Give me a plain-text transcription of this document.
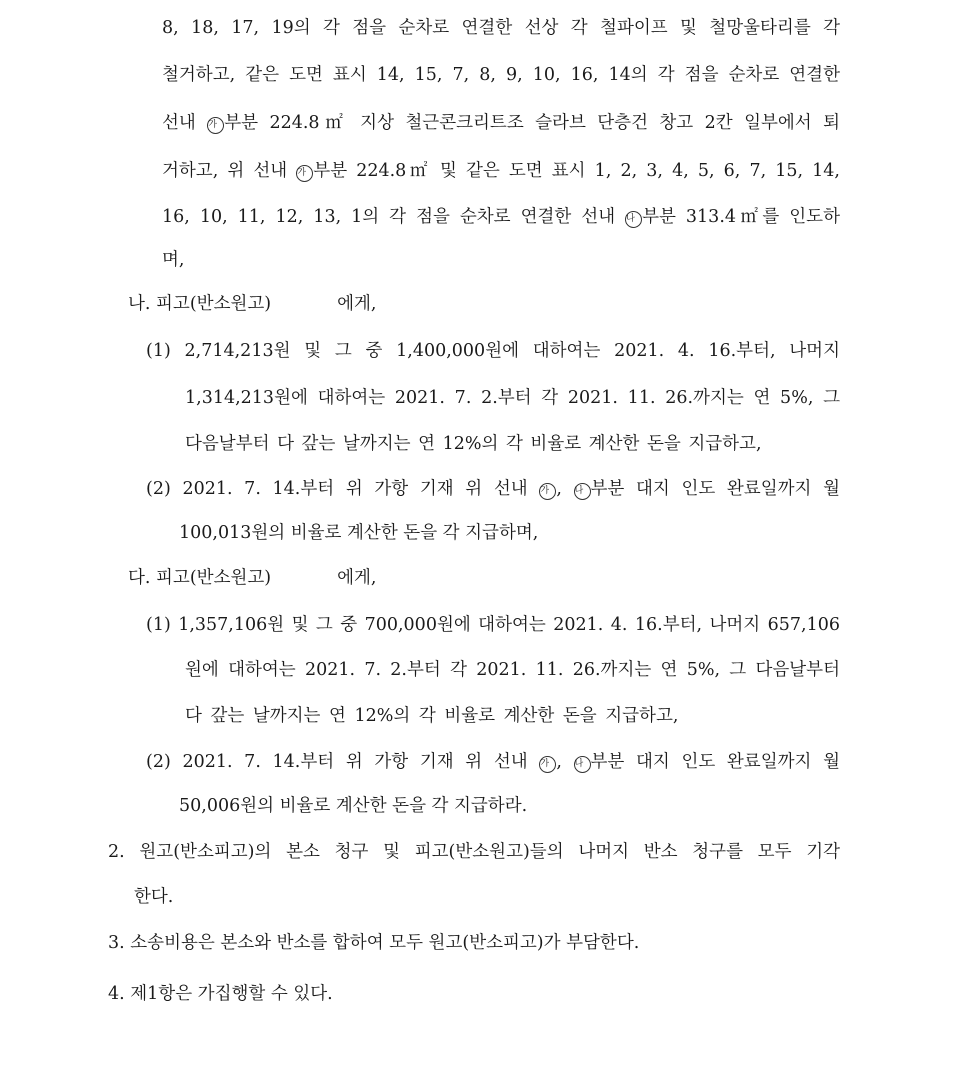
8, 18, 17, 19의 각 점을 순차로 연결한 선상 각 철파이프 및 철망울타리를 각
철거하고, 같은 도면 표시 14, 15, 7, 8, 9, 10, 16, 14의 각 점을 순차로 연결한
선내 가 부분 224.8㎡ 지상 철근콘크리트조 슬라브 단층건 창고 2칸 일부에서 퇴
거하고, 위 선내 가 부분 224.8㎡ 및 같은 도면 표시 1, 2, 3, 4, 5, 6, 7, 15, 14,
16, 10, 11, 12, 13, 1의 각 점을 순차로 연결한 선내 나 부분 313.4㎡를 인도하
며,
나. 피고(반소원고)	에게,
(1) 2,714,213원 및 그 중 1,400,000원에 대하여는 2021. 4. 16.부터, 나머지
1,314,213원에 대하여는 2021. 7. 2.부터 각 2021. 11. 26.까지는 연 5%, 그
다음날부터 다 갚는 날까지는 연 12%의 각 비율로 계산한 돈을 지급하고,
(2) 2021. 7. 14.부터 위 가항 기재 위 선내 가 , 나 부분 대지 인도 완료일까지 월
100,013원의 비율로 계산한 돈을 각 지급하며,
다. 피고(반소원고)	에게,
(1) 1,357,106원 및 그 중 700,000원에 대하여는 2021. 4. 16.부터, 나머지 657,106
원에 대하여는 2021. 7. 2.부터 각 2021. 11. 26.까지는 연 5%, 그 다음날부터
다 갚는 날까지는 연 12%의 각 비율로 계산한 돈을 지급하고,
(2) 2021. 7. 14.부터 위 가항 기재 위 선내 가 , 나 부분 대지 인도 완료일까지 월
50,006원의 비율로 계산한 돈을 각 지급하라.
2. 원고(반소피고)의 본소 청구 및 피고(반소원고)들의 나머지 반소 청구를 모두 기각
한다.
3. 소송비용은 본소와 반소를 합하여 모두 원고(반소피고)가 부담한다.
4. 제1항은 가집행할 수 있다.
